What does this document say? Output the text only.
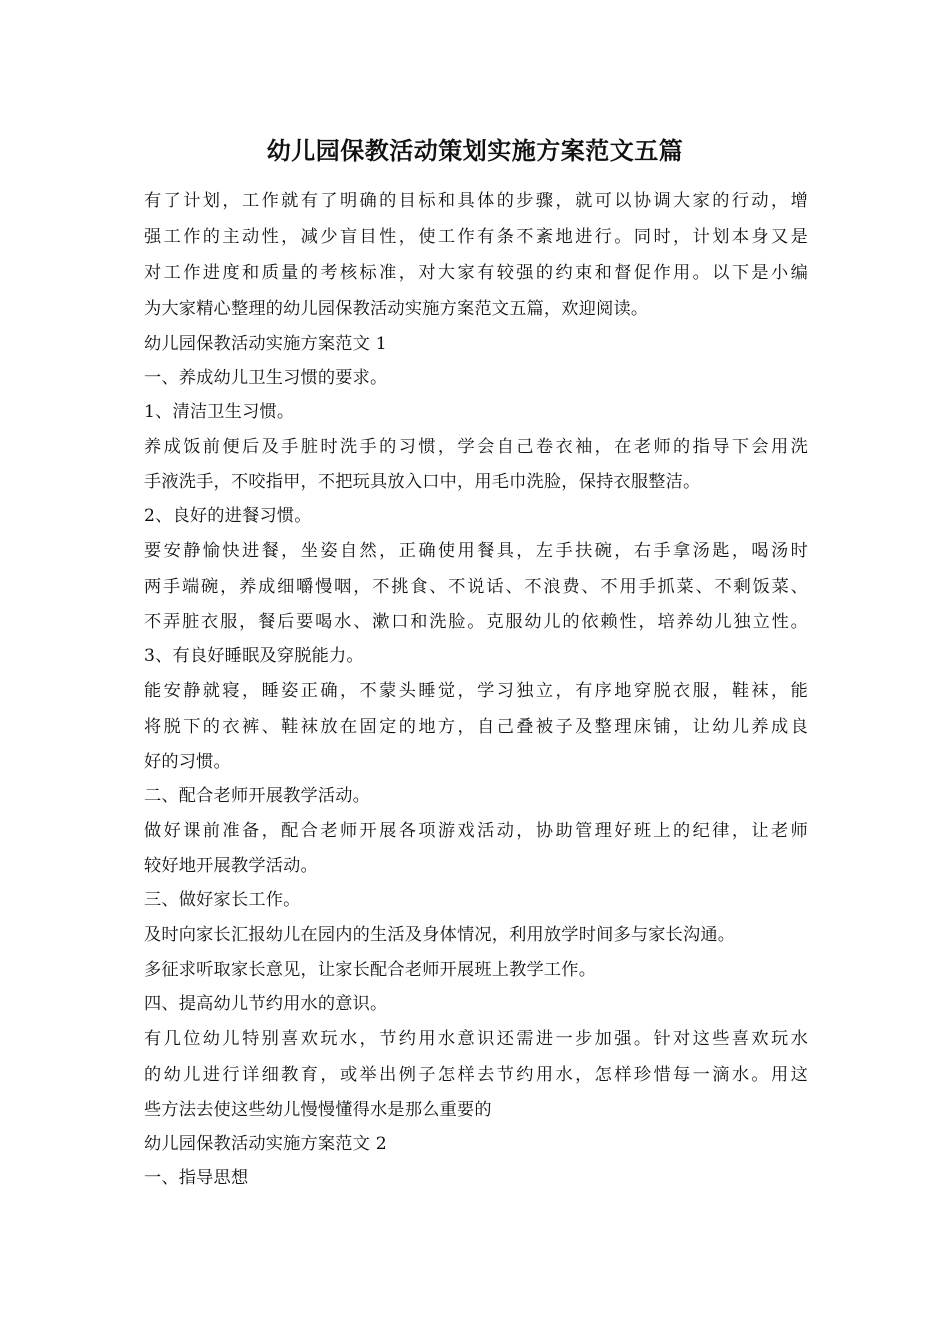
幼儿园保教活动策划实施方案范文五篇
有了计划，工作就有了明确的目标和具体的步骤，就可以协调大家的行动，增
强工作的主动性，减少盲目性，使工作有条不紊地进行。同时，计划本身又是
对工作进度和质量的考核标准，对大家有较强的约束和督促作用。以下是小编
为大家精心整理的幼儿园保教活动实施方案范文五篇，欢迎阅读。
幼儿园保教活动实施方案范文 1
一、养成幼儿卫生习惯的要求。
1、清洁卫生习惯。
养成饭前便后及手脏时洗手的习惯，学会自己卷衣袖，在老师的指导下会用洗
手液洗手，不咬指甲，不把玩具放入口中，用毛巾洗脸，保持衣服整洁。
2、良好的进餐习惯。
要安静愉快进餐，坐姿自然，正确使用餐具，左手扶碗，右手拿汤匙，喝汤时
两手端碗，养成细嚼慢咽，不挑食、不说话、不浪费、不用手抓菜、不剩饭菜、
不弄脏衣服，餐后要喝水、漱口和洗脸。克服幼儿的依赖性，培养幼儿独立性。
3、有良好睡眠及穿脱能力。
能安静就寝，睡姿正确，不蒙头睡觉，学习独立，有序地穿脱衣服，鞋袜，能
将脱下的衣裤、鞋袜放在固定的地方，自己叠被子及整理床铺，让幼儿养成良
好的习惯。
二、配合老师开展教学活动。
做好课前准备，配合老师开展各项游戏活动，协助管理好班上的纪律，让老师
较好地开展教学活动。
三、做好家长工作。
及时向家长汇报幼儿在园内的生活及身体情况，利用放学时间多与家长沟通。
多征求听取家长意见，让家长配合老师开展班上教学工作。
四、提高幼儿节约用水的意识。
有几位幼儿特别喜欢玩水，节约用水意识还需进一步加强。针对这些喜欢玩水
的幼儿进行详细教育，或举出例子怎样去节约用水，怎样珍惜每一滴水。用这
些方法去使这些幼儿慢慢懂得水是那么重要的
幼儿园保教活动实施方案范文 2
一、指导思想
